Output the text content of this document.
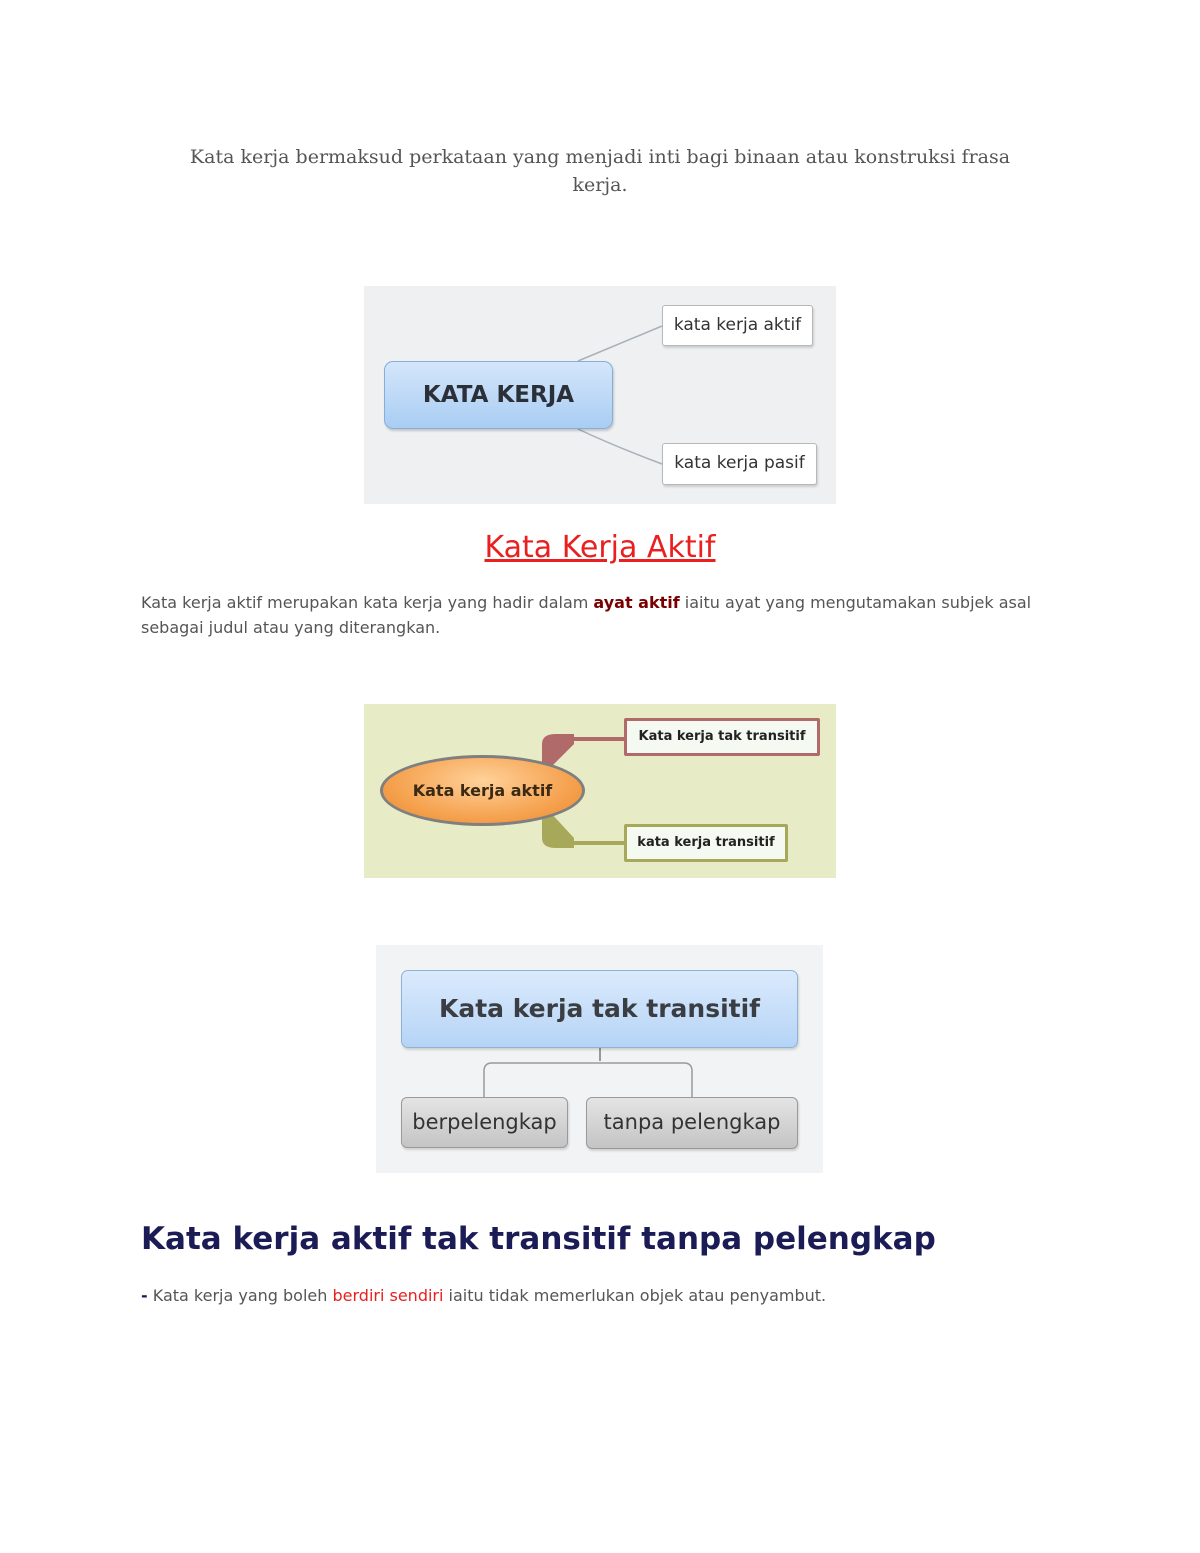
Kata kerja bermaksud perkataan yang menjadi inti bagi binaan atau konstruksi frasa
kerja.
KATA KERJA
kata kerja aktif
kata kerja pasif
Kata Kerja Aktif
Kata kerja aktif merupakan kata kerja yang hadir dalam ayat aktif iaitu ayat yang mengutamakan subjek asal sebagai judul atau yang diterangkan.
Kata kerja aktif
Kata kerja tak transitif
kata kerja transitif
Kata kerja tak transitif
berpelengkap	tanpa pelengkap
Kata kerja aktif tak transitif tanpa pelengkap
- Kata kerja yang boleh berdiri sendiri iaitu tidak memerlukan objek atau penyambut.
